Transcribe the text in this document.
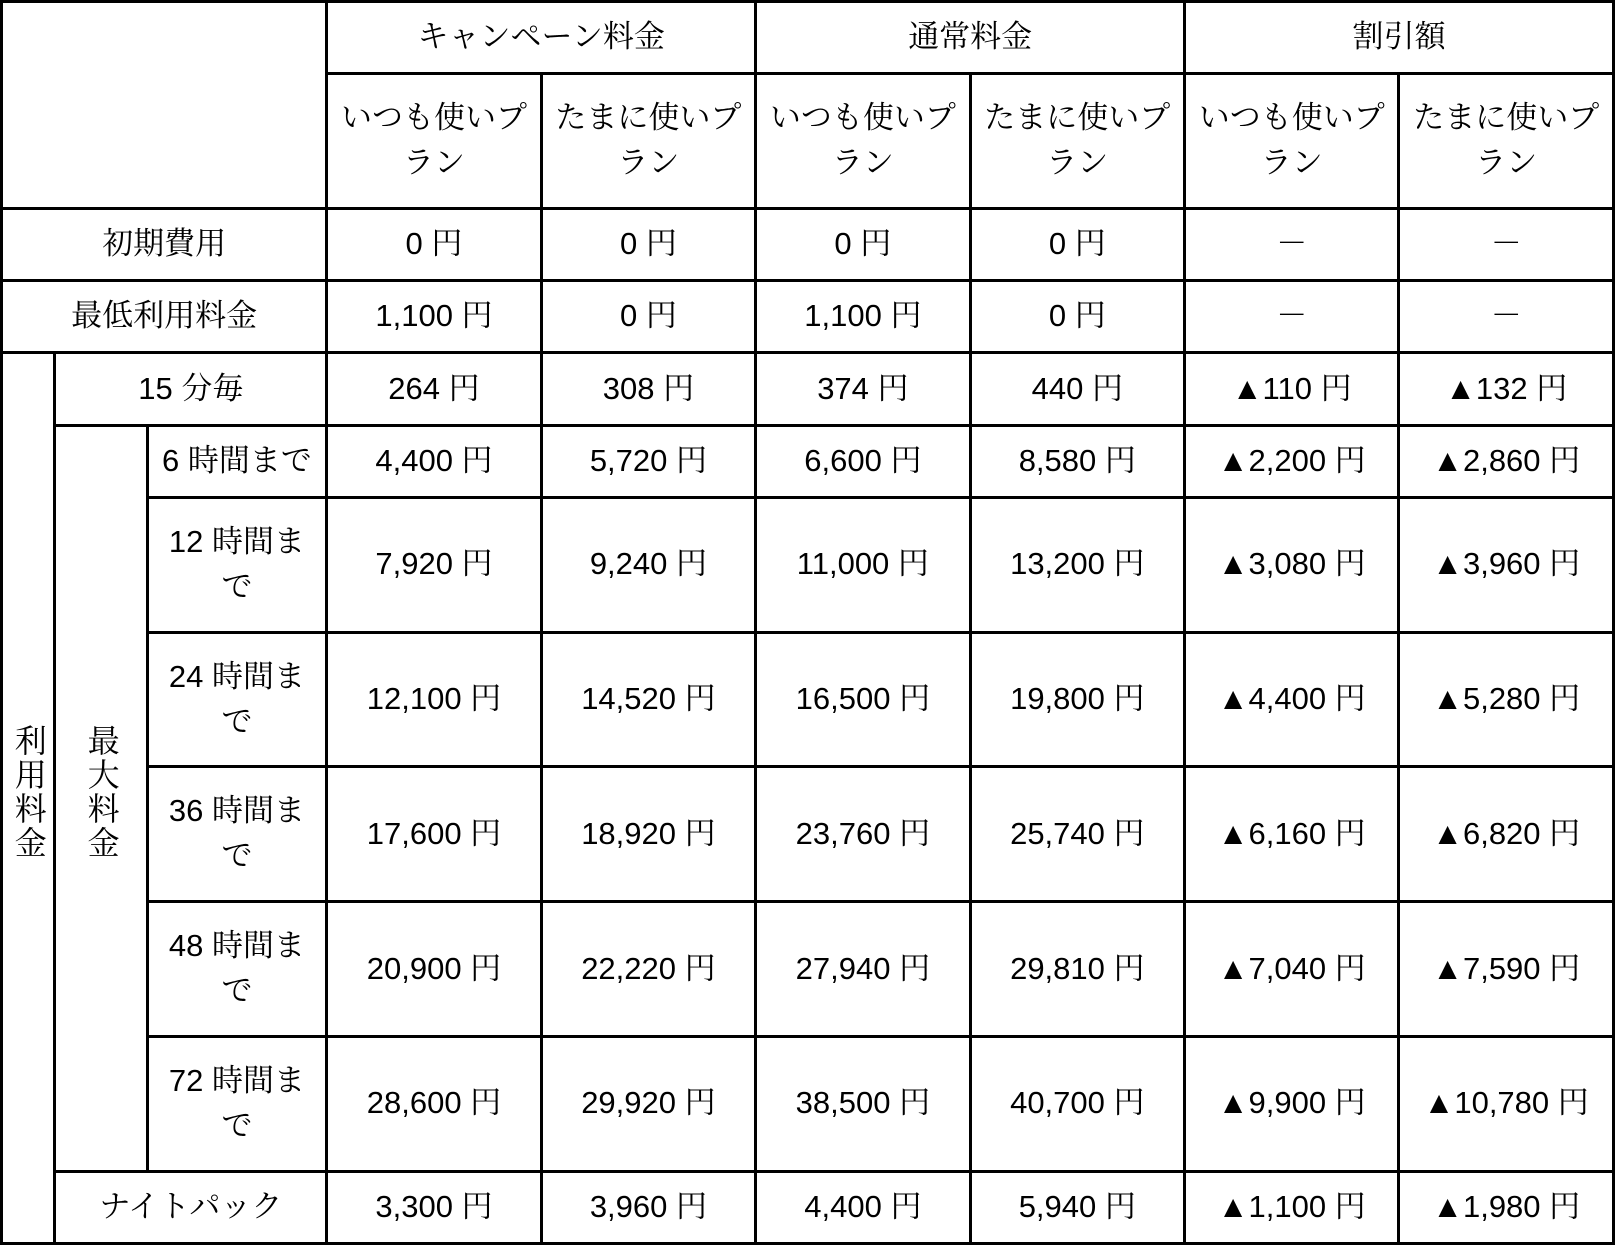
			キャンペーン料金		通常料金		割引額	
			いつも使いプラン	たまに使いプラン	いつも使いプラン	たまに使いプラン	いつも使いプラン	たまに使いプラン
初期費用			0 円	0 円	0 円	0 円	－	－
最低利用料金			1,100 円	0 円	1,100 円	0 円	－	－
利用料金	15 分毎		264 円	308 円	374 円	440 円	▲110 円	▲132 円
	最大料金	6 時間まで	4,400 円	5,720 円	6,600 円	8,580 円	▲2,200 円	▲2,860 円
		12 時間まで	7,920 円	9,240 円	11,000 円	13,200 円	▲3,080 円	▲3,960 円
		24 時間まで	12,100 円	14,520 円	16,500 円	19,800 円	▲4,400 円	▲5,280 円
		36 時間まで	17,600 円	18,920 円	23,760 円	25,740 円	▲6,160 円	▲6,820 円
		48 時間まで	20,900 円	22,220 円	27,940 円	29,810 円	▲7,040 円	▲7,590 円
		72 時間まで	28,600 円	29,920 円	38,500 円	40,700 円	▲9,900 円	▲10,780 円
	ナイトパック		3,300 円	3,960 円	4,400 円	5,940 円	▲1,100 円	▲1,980 円
